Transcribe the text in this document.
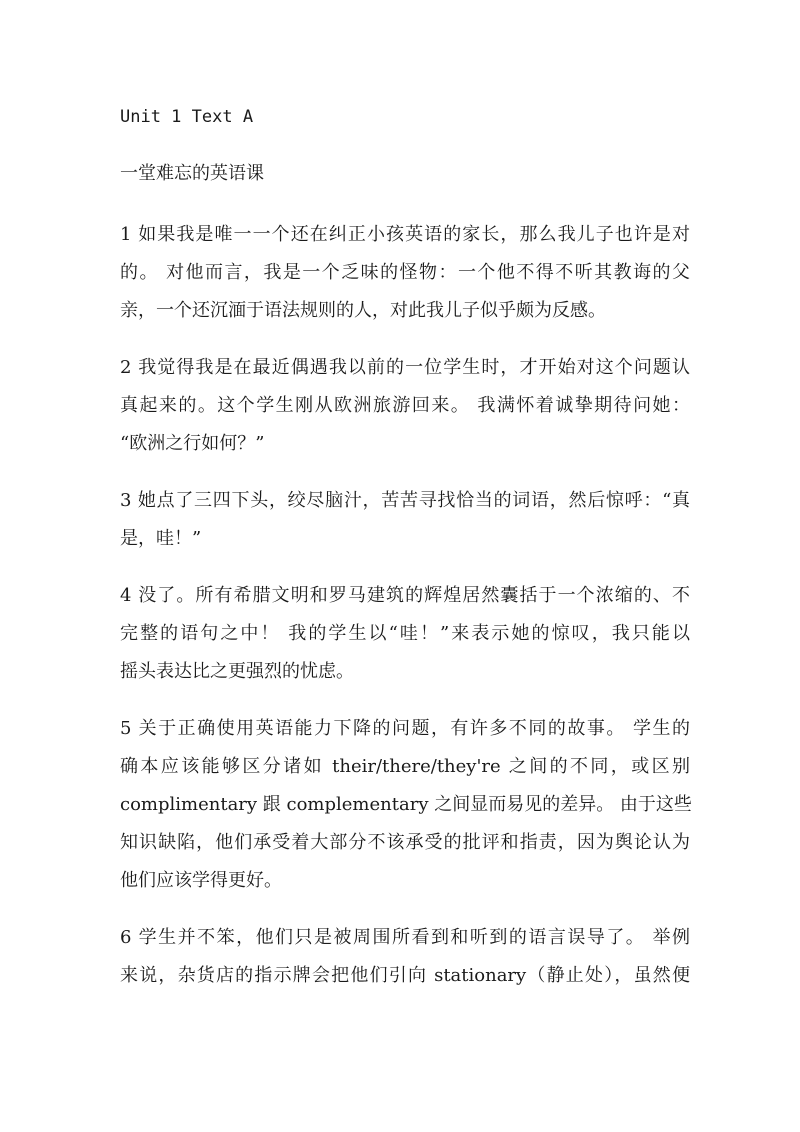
Unit 1 Text A
一堂难忘的英语课
1 如果我是唯一一个还在纠正小孩英语的家长，那么我儿子也许是对
的。 对他而言，我是一个乏味的怪物：一个他不得不听其教诲的父
亲，一个还沉湎于语法规则的人，对此我儿子似乎颇为反感。
2 我觉得我是在最近偶遇我以前的一位学生时，才开始对这个问题认
真起来的。这个学生刚从欧洲旅游回来。 我满怀着诚挚期待问她：
“欧洲之行如何？”
3 她点了三四下头，绞尽脑汁，苦苦寻找恰当的词语，然后惊呼：“真
是，哇！”
4 没了。所有希腊文明和罗马建筑的辉煌居然囊括于一个浓缩的、不
完整的语句之中！ 我的学生以“哇！”来表示她的惊叹，我只能以
摇头表达比之更强烈的忧虑。
5 关于正确使用英语能力下降的问题，有许多不同的故事。 学生的
确本应该能够区分诸如 their/there/they're 之间的不同，或区别
complimentary 跟 complementary 之间显而易见的差异。 由于这些
知识缺陷，他们承受着大部分不该承受的批评和指责，因为舆论认为
他们应该学得更好。
6 学生并不笨，他们只是被周围所看到和听到的语言误导了。 举例
来说，杂货店的指示牌会把他们引向 stationary（静止处），虽然便
